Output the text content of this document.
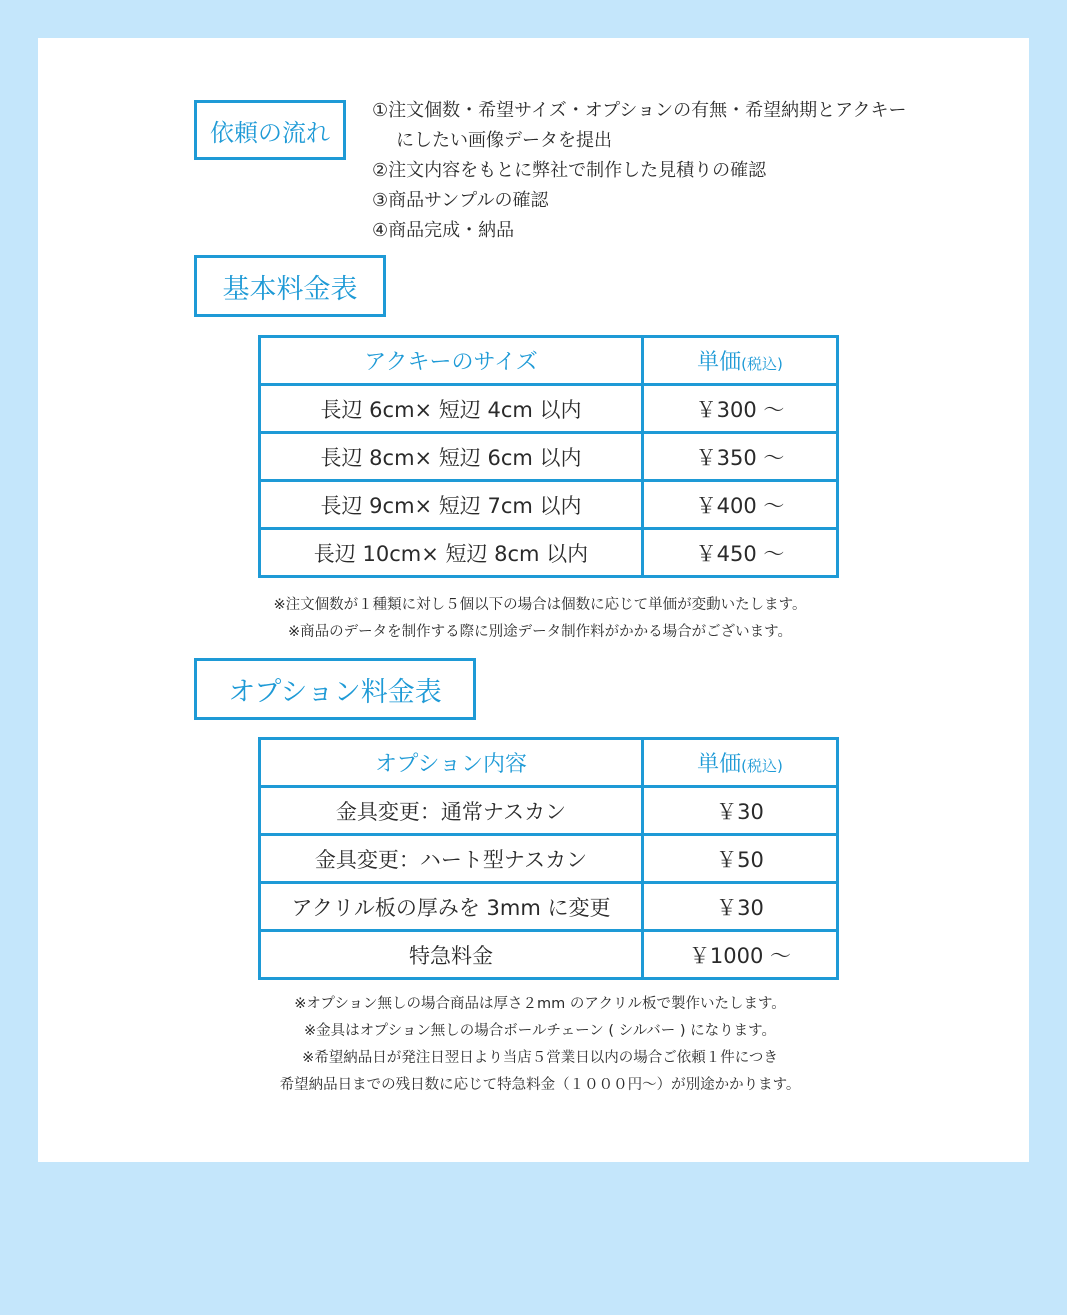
依頼の流れ
①注文個数・希望サイズ・オプションの有無・希望納期とアクキーにしたい画像データを提出
②注文内容をもとに弊社で制作した見積りの確認
③商品サンプルの確認
④商品完成・納品
基本料金表
アクキーのサイズ	単価(税込)
長辺 6cm× 短辺 4cm 以内	￥300 ～
長辺 8cm× 短辺 6cm 以内	￥350 ～
長辺 9cm× 短辺 7cm 以内	￥400 ～
長辺 10cm× 短辺 8cm 以内	￥450 ～
※注文個数が１種類に対し５個以下の場合は個数に応じて単価が変動いたします。
※商品のデータを制作する際に別途データ制作料がかかる場合がございます。
オプション料金表
オプション内容	単価(税込)
金具変更：通常ナスカン	￥30
金具変更：ハート型ナスカン	￥50
アクリル板の厚みを 3mm に変更	￥30
特急料金	￥1000 ～
※オプション無しの場合商品は厚さ２mm のアクリル板で製作いたします。
※金具はオプション無しの場合ボールチェーン ( シルバー ) になります。
※希望納品日が発注日翌日より当店５営業日以内の場合ご依頼１件につき
希望納品日までの残日数に応じて特急料金（１０００円～）が別途かかります。
